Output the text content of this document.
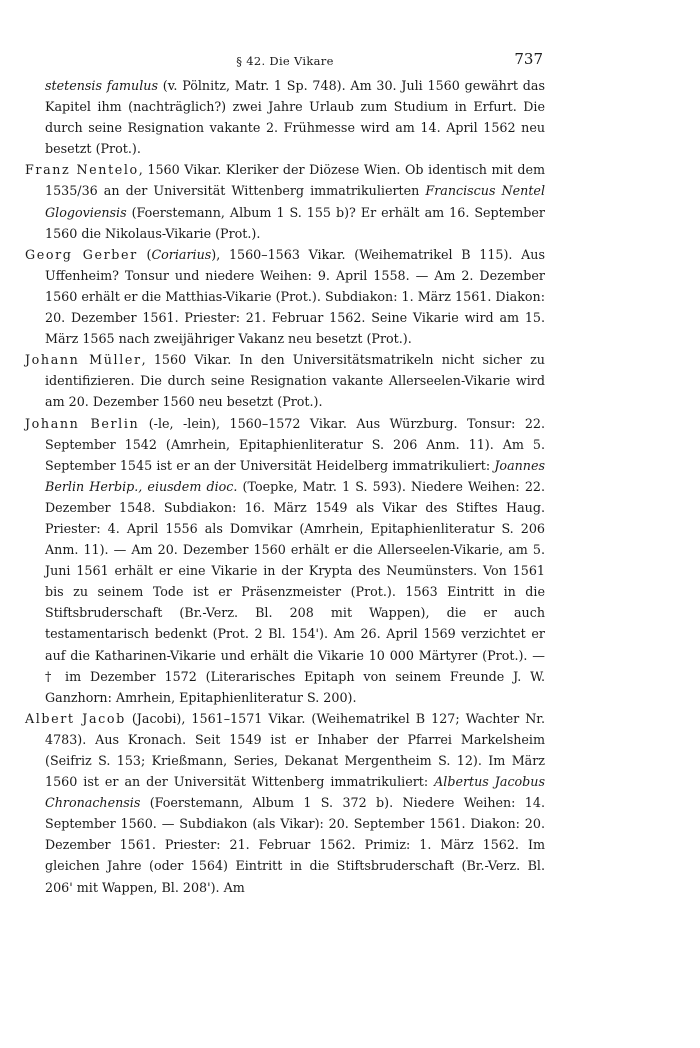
§ 42. Die Vikare	737

stetensis famulus (v. Pölnitz, Matr. 1 Sp. 748). Am 30. Juli 1560 gewährt das Kapitel ihm (nachträglich?) zwei Jahre Urlaub zum Studium in Erfurt. Die durch seine Resignation vakante 2. Frühmesse wird am 14. April 1562 neu besetzt (Prot.).

Franz Nentelo, 1560 Vikar. Kleriker der Diözese Wien. Ob identisch mit dem 1535/36 an der Universität Wittenberg immatrikulierten Franciscus Nentel Glogoviensis (Foerstemann, Album 1 S. 155 b)? Er erhält am 16. September 1560 die Nikolaus-Vikarie (Prot.).

Georg Gerber (Coriarius), 1560–1563 Vikar. (Weihematrikel B 115). Aus Uffenheim? Tonsur und niedere Weihen: 9. April 1558. — Am 2. Dezember 1560 erhält er die Matthias-Vikarie (Prot.). Subdiakon: 1. März 1561. Diakon: 20. Dezember 1561. Priester: 21. Februar 1562. Seine Vikarie wird am 15. März 1565 nach zweijähriger Vakanz neu besetzt (Prot.).

Johann Müller, 1560 Vikar. In den Universitätsmatrikeln nicht sicher zu identifizieren. Die durch seine Resignation vakante Allerseelen-Vikarie wird am 20. Dezember 1560 neu besetzt (Prot.).

Johann Berlin (-le, -lein), 1560–1572 Vikar. Aus Würzburg. Tonsur: 22. September 1542 (Amrhein, Epitaphienliteratur S. 206 Anm. 11). Am 5. September 1545 ist er an der Universität Heidelberg immatrikuliert: Joannes Berlin Herbip., eiusdem dioc. (Toepke, Matr. 1 S. 593). Niedere Weihen: 22. Dezember 1548. Subdiakon: 16. März 1549 als Vikar des Stiftes Haug. Priester: 4. April 1556 als Domvikar (Amrhein, Epitaphienliteratur S. 206 Anm. 11). — Am 20. Dezember 1560 erhält er die Allerseelen-Vikarie, am 5. Juni 1561 erhält er eine Vikarie in der Krypta des Neumünsters. Von 1561 bis zu seinem Tode ist er Präsenzmeister (Prot.). 1563 Eintritt in die Stiftsbruderschaft (Br.-Verz. Bl. 208 mit Wappen), die er auch testamentarisch bedenkt (Prot. 2 Bl. 154'). Am 26. April 1569 verzichtet er auf die Katharinen-Vikarie und erhält die Vikarie 10 000 Märtyrer (Prot.). — † im Dezember 1572 (Literarisches Epitaph von seinem Freunde J. W. Ganzhorn: Amrhein, Epitaphienliteratur S. 200).

Albert Jacob (Jacobi), 1561–1571 Vikar. (Weihematrikel B 127; Wachter Nr. 4783). Aus Kronach. Seit 1549 ist er Inhaber der Pfarrei Markelsheim (Seifriz S. 153; Krießmann, Series, Dekanat Mergentheim S. 12). Im März 1560 ist er an der Universität Wittenberg immatrikuliert: Albertus Jacobus Chronachensis (Foerstemann, Album 1 S. 372 b). Niedere Weihen: 14. September 1560. — Subdiakon (als Vikar): 20. September 1561. Diakon: 20. Dezember 1561. Priester: 21. Februar 1562. Primiz: 1. März 1562. Im gleichen Jahre (oder 1564) Eintritt in die Stiftsbruderschaft (Br.-Verz. Bl. 206' mit Wappen, Bl. 208'). Am
